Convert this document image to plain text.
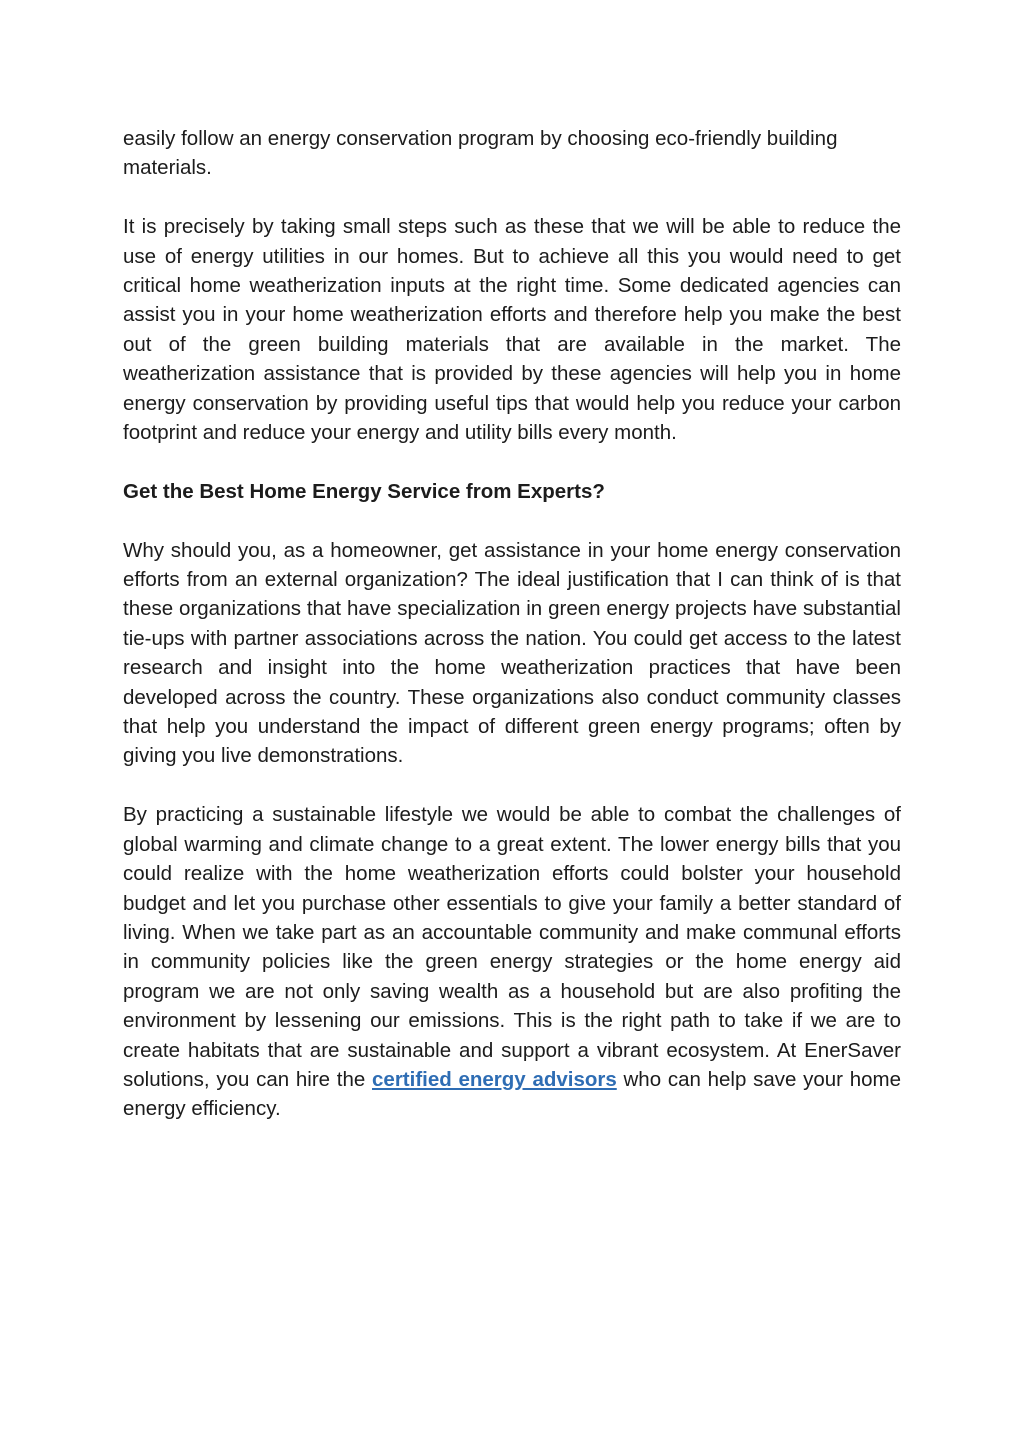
easily follow an energy conservation program by choosing eco-friendly building materials.

It is precisely by taking small steps such as these that we will be able to reduce the use of energy utilities in our homes. But to achieve all this you would need to get critical home weatherization inputs at the right time. Some dedicated agencies can assist you in your home weatherization efforts and therefore help you make the best out of the green building materials that are available in the market. The weatherization assistance that is provided by these agencies will help you in home energy conservation by providing useful tips that would help you reduce your carbon footprint and reduce your energy and utility bills every month.

Get the Best Home Energy Service from Experts?

Why should you, as a homeowner, get assistance in your home energy conservation efforts from an external organization? The ideal justification that I can think of is that these organizations that have specialization in green energy projects have substantial tie-ups with partner associations across the nation. You could get access to the latest research and insight into the home weatherization practices that have been developed across the country. These organizations also conduct community classes that help you understand the impact of different green energy programs; often by giving you live demonstrations.

By practicing a sustainable lifestyle we would be able to combat the challenges of global warming and climate change to a great extent. The lower energy bills that you could realize with the home weatherization efforts could bolster your household budget and let you purchase other essentials to give your family a better standard of living. When we take part as an accountable community and make communal efforts in community policies like the green energy strategies or the home energy aid program we are not only saving wealth as a household but are also profiting the environment by lessening our emissions. This is the right path to take if we are to create habitats that are sustainable and support a vibrant ecosystem. At EnerSaver solutions, you can hire the certified energy advisors who can help save your home energy efficiency.
